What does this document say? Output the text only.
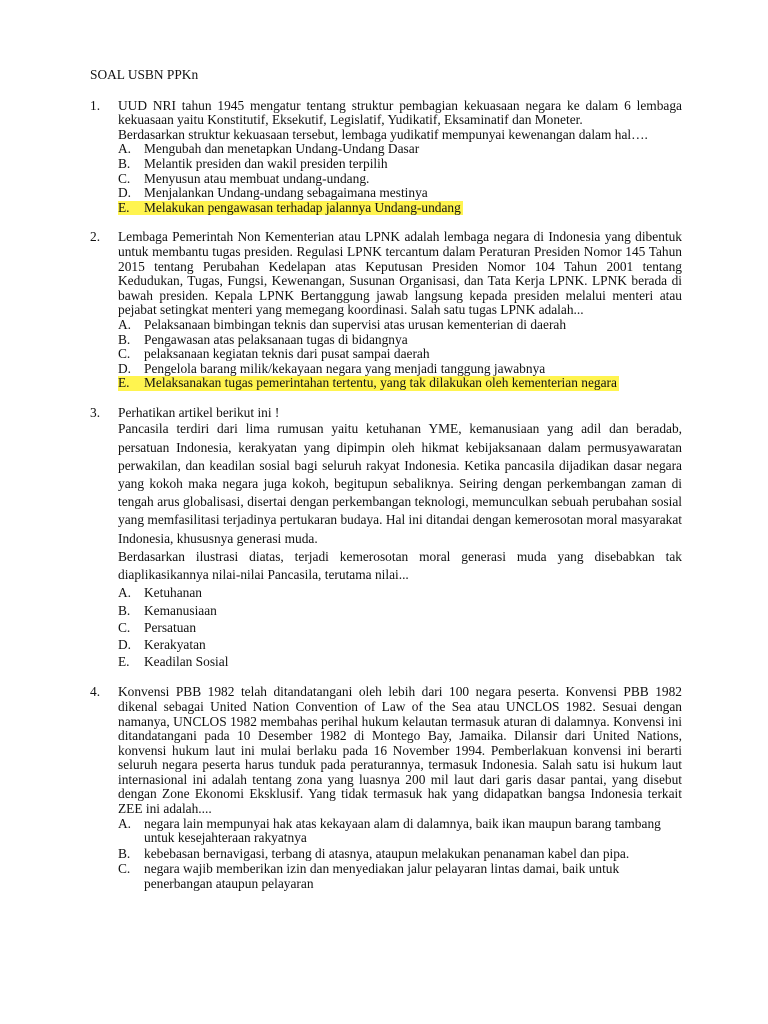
SOAL USBN PPKn
1.	UUD NRI tahun 1945 mengatur tentang struktur pembagian kekuasaan negara ke dalam 6 lembaga kekuasaan yaitu Konstitutif, Eksekutif, Legislatif, Yudikatif, Eksaminatif dan Moneter.

Berdasarkan struktur kekuasaan tersebut, lembaga yudikatif mempunyai kewenangan dalam hal….

A. Mengubah dan menetapkan Undang-Undang Dasar
B.	Melantik presiden dan wakil presiden terpilih
C.	Menyusun atau membuat undang-undang.
D. Menjalankan Undang-undang sebagaimana mestinya
E.	Melakukan pengawasan terhadap jalannya Undang-undang
2.	Lembaga Pemerintah Non Kementerian atau LPNK adalah lembaga negara di Indonesia yang dibentuk untuk membantu tugas presiden. Regulasi LPNK tercantum dalam Peraturan Presiden Nomor 145 Tahun 2015 tentang Perubahan Kedelapan atas Keputusan Presiden Nomor 104 Tahun 2001 tentang Kedudukan, Tugas, Fungsi, Kewenangan, Susunan Organisasi, dan Tata Kerja LPNK. LPNK berada di bawah presiden. Kepala LPNK Bertanggung jawab langsung kepada presiden melalui menteri atau pejabat setingkat menteri yang memegang koordinasi. Salah satu tugas LPNK adalah...

A. Pelaksanaan bimbingan teknis dan supervisi atas urusan kementerian di daerah
B.	Pengawasan atas pelaksanaan tugas di bidangnya
C.	pelaksanaan kegiatan teknis dari pusat sampai daerah
D. Pengelola barang milik/kekayaan negara yang menjadi tanggung jawabnya
E.	Melaksanakan tugas pemerintahan tertentu, yang tak dilakukan oleh kementerian negara
3.	Perhatikan artikel berikut ini !

Pancasila terdiri dari lima rumusan yaitu ketuhanan YME, kemanusiaan yang adil dan beradab, persatuan Indonesia, kerakyatan yang dipimpin oleh hikmat kebijaksanaan dalam permusyawaratan perwakilan, dan keadilan sosial bagi seluruh rakyat Indonesia. Ketika pancasila dijadikan dasar negara yang kokoh maka negara juga kokoh, begitupun sebaliknya. Seiring dengan perkembangan zaman di tengah arus globalisasi, disertai dengan perkembangan teknologi, memunculkan sebuah perubahan sosial yang memfasilitasi terjadinya pertukaran budaya. Hal ini ditandai dengan kemerosotan moral masyarakat Indonesia, khususnya generasi muda.

Berdasarkan ilustrasi diatas, terjadi kemerosotan moral generasi muda yang disebabkan tak diaplikasikannya nilai-nilai Pancasila, terutama nilai...

A. Ketuhanan
B.	Kemanusiaan
C.	Persatuan
D. Kerakyatan
E.	Keadilan Sosial
4.	Konvensi PBB 1982 telah ditandatangani oleh lebih dari 100 negara peserta. Konvensi PBB 1982 dikenal sebagai United Nation Convention of Law of the Sea atau UNCLOS 1982. Sesuai dengan namanya, UNCLOS 1982 membahas perihal hukum kelautan termasuk aturan di dalamnya. Konvensi ini ditandatangani pada 10 Desember 1982 di Montego Bay, Jamaika. Dilansir dari United Nations, konvensi hukum laut ini mulai berlaku pada 16 November 1994. Pemberlakuan konvensi ini berarti seluruh negara peserta harus tunduk pada peraturannya, termasuk Indonesia. Salah satu isi hukum laut internasional ini adalah tentang zona yang luasnya 200 mil laut dari garis dasar pantai, yang disebut dengan Zone Ekonomi Eksklusif. Yang tidak termasuk hak yang didapatkan bangsa Indonesia terkait ZEE ini adalah....

A. negara lain mempunyai hak atas kekayaan alam di dalamnya, baik ikan maupun barang tambang untuk kesejahteraan rakyatnya
B.	kebebasan bernavigasi, terbang di atasnya, ataupun melakukan penanaman kabel dan pipa.
C.	negara wajib memberikan izin dan menyediakan jalur pelayaran lintas damai, baik untuk penerbangan ataupun pelayaran
